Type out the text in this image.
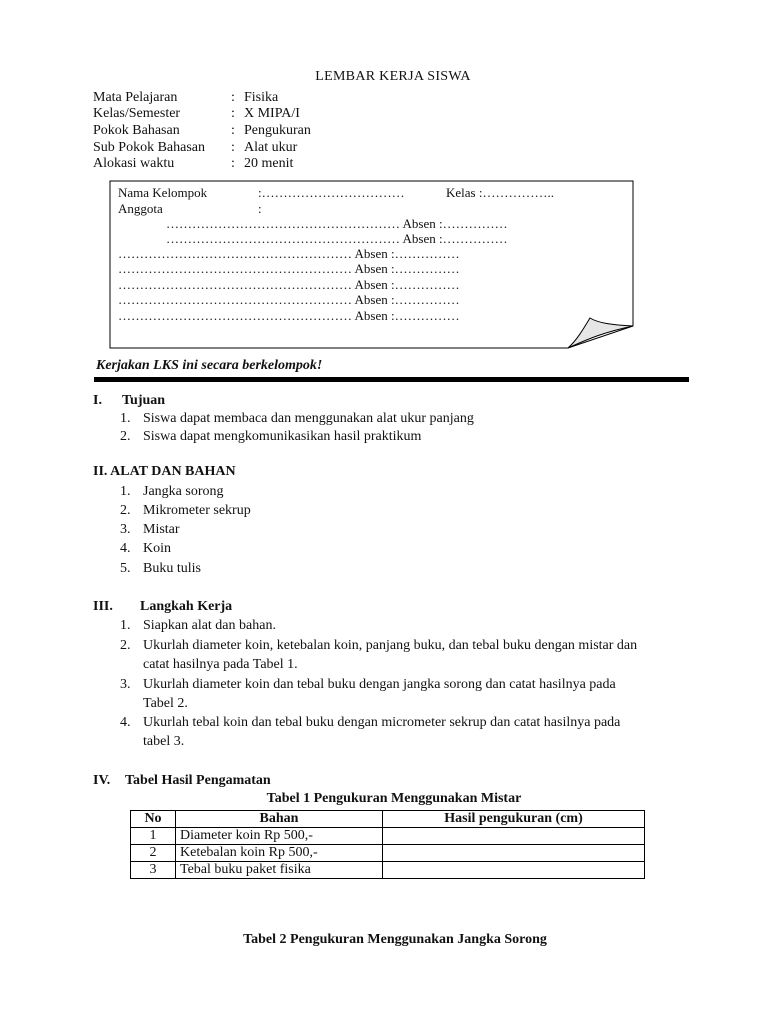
LEMBAR KERJA SISWA
Mata Pelajaran	: Fisika
Kelas/Semester	: X MIPA/I
Pokok Bahasan	: Pengukuran
Sub Pokok Bahasan	: Alat ukur
Alokasi waktu	: 20 menit
Nama Kelompok	:……………………………	Kelas :……………..
Anggota	:
……………………………………………… Absen :……………
……………………………………………… Absen :……………
……………………………………………… Absen :……………
……………………………………………… Absen :……………
……………………………………………… Absen :……………
……………………………………………… Absen :……………
……………………………………………… Absen :……………
Kerjakan LKS ini secara berkelompok!
I. Tujuan
1. Siswa dapat membaca dan menggunakan alat ukur panjang
2. Siswa dapat mengkomunikasikan hasil praktikum
II. ALAT DAN BAHAN
1. Jangka sorong
2. Mikrometer sekrup
3. Mistar
4. Koin
5. Buku tulis
III. Langkah Kerja
1. Siapkan alat dan bahan.
2. Ukurlah diameter koin, ketebalan koin, panjang buku, dan tebal buku dengan mistar dan
catat hasilnya pada Tabel 1.
3. Ukurlah diameter koin dan tebal buku dengan jangka sorong dan catat hasilnya pada
Tabel 2.
4. Ukurlah tebal koin dan tebal buku dengan micrometer sekrup dan catat hasilnya pada
tabel 3.
IV. Tabel Hasil Pengamatan
Tabel 1 Pengukuran Menggunakan Mistar
No	Bahan	Hasil pengukuran (cm)
1	Diameter koin Rp 500,-	
2	Ketebalan koin Rp 500,-	
3	Tebal buku paket fisika	
Tabel 2 Pengukuran Menggunakan Jangka Sorong
